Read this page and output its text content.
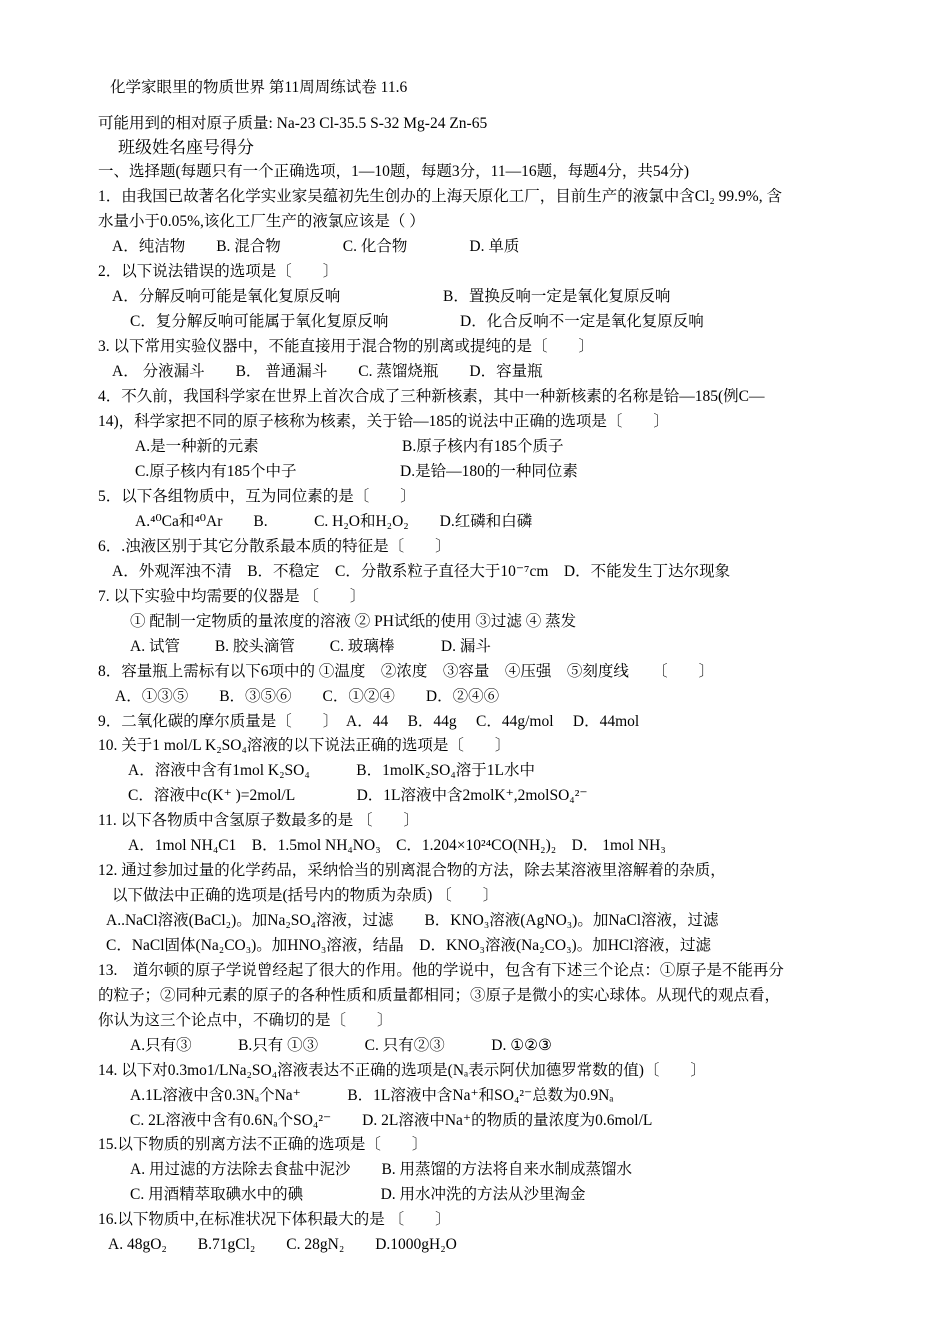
化学家眼里的物质世界 第11周周练试卷 11.6
可能用到的相对原子质量: Na-23 Cl-35.5 S-32 Mg-24 Zn-65
班级姓名座号得分
一、选择题(每题只有一个正确选项，1—10题，每题3分，11—16题，每题4分，共54分)
1．由我国已故著名化学实业家吴蕴初先生创办的上海天原化工厂，目前生产的液氯中含Cl₂ 99.9%, 含
水量小于0.05%,该化工厂生产的液氯应该是（ ）
A．纯洁物　　B. 混合物　　　　C. 化合物　　　　D. 单质
2．以下说法错误的选项是〔　　〕
A．分解反响可能是氧化复原反响	B．置换反响一定是氧化复原反响
C．复分解反响可能属于氧化复原反响	D．化合反响不一定是氧化复原反响
3. 以下常用实验仪器中，不能直接用于混合物的别离或提纯的是〔　　〕
A． 分液漏斗　　B． 普通漏斗　　C. 蒸馏烧瓶　　D．容量瓶
4．不久前，我国科学家在世界上首次合成了三种新核素，其中一种新核素的名称是铪—185(例C—
14)，科学家把不同的原子核称为核素，关于铪—185的说法中正确的选项是〔　　〕
A.是一种新的元素	B.原子核内有185个质子
C.原子核内有185个中子	D.是铪—180的一种同位素
5．以下各组物质中，互为同位素的是〔　　〕
A.⁴⁰Ca和⁴⁰Ar　　B.　　　C. H₂O和H₂O₂　　D.红磷和白磷
6．.浊液区别于其它分散系最本质的特征是〔　　〕
A．外观浑浊不清　B．不稳定　C．分散系粒子直径大于10⁻⁷cm　D．不能发生丁达尔现象
7. 以下实验中均需要的仪器是 〔　　〕
① 配制一定物质的量浓度的溶液 ② PH试纸的使用 ③过滤 ④ 蒸发
A. 试管　　 B. 胶头滴管　　 C. 玻璃棒　　　D. 漏斗
8．容量瓶上需标有以下6项中的 ①温度　②浓度　③容量　④压强　⑤刻度线　　〔　　〕
A．①③⑤　　B．③⑤⑥　　C．①②④　　D．②④⑥
9．二氧化碳的摩尔质量是〔　　〕　A．44　 B．44g　 C．44g/mol　 D．44mol
10. 关于1 mol/L K₂SO₄溶液的以下说法正确的选项是〔　　〕
A．溶液中含有1mol K₂SO₄　　　B．1molK₂SO₄溶于1L水中
C．溶液中c(K⁺ )=2mol/L　　　　D．1L溶液中含2molK⁺,2molSO₄²⁻
11. 以下各物质中含氢原子数最多的是 〔　　〕
A．1mol NH₄C1　B．1.5mol NH₄NO₃　C．1.204×10²⁴CO(NH₂)₂　D． 1mol NH₃
12. 通过参加过量的化学药品，采纳恰当的别离混合物的方法，除去某溶液里溶解着的杂质，
以下做法中正确的选项是(括号内的物质为杂质) 〔　　〕
A..NaCl溶液(BaCl₂)。加Na₂SO₄溶液，过滤　　B．KNO₃溶液(AgNO₃)。加NaCl溶液，过滤
C．NaCl固体(Na₂CO₃)。加HNO₃溶液，结晶　D．KNO₃溶液(Na₂CO₃)。加HCl溶液，过滤
13.　道尔顿的原子学说曾经起了很大的作用。他的学说中，包含有下述三个论点：①原子是不能再分
的粒子；②同种元素的原子的各种性质和质量都相同；③原子是微小的实心球体。从现代的观点看，
你认为这三个论点中，不确切的是〔　　〕
A.只有③　　　B.只有 ①③　　　C. 只有②③　　　D. ①②③
14. 以下对0.3mo1/LNa₂SO₄溶液表达不正确的选项是(Nₐ表示阿伏加德罗常数的值)〔　　〕
A.1L溶液中含0.3Nₐ个Na⁺　　　B．1L溶液中含Na⁺和SO₄²⁻总数为0.9Nₐ
C. 2L溶液中含有0.6Nₐ个SO₄²⁻　　D. 2L溶液中Na⁺的物质的量浓度为0.6mol/L
15.以下物质的别离方法不正确的选项是〔　　〕
A. 用过滤的方法除去食盐中泥沙　　B. 用蒸馏的方法将自来水制成蒸馏水
C. 用酒精萃取碘水中的碘　　　　　D. 用水冲洗的方法从沙里淘金
16.以下物质中,在标准状况下体积最大的是 〔　　〕
A. 48gO₂　　B.71gCl₂　　C. 28gN₂　　D.1000gH₂O
